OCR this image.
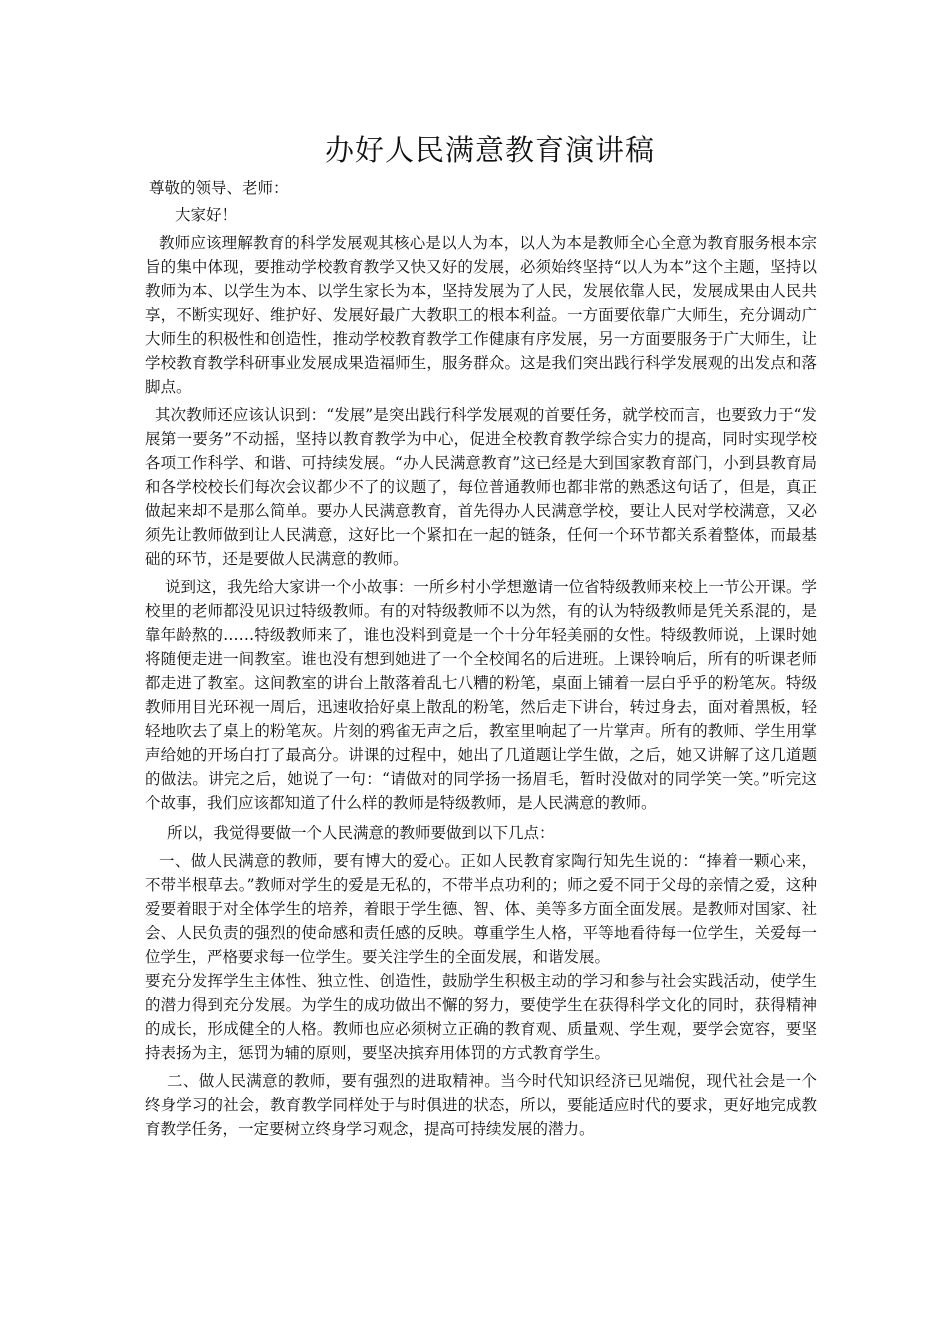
办好人民满意教育演讲稿

尊敬的领导、老师：

大家好！

教师应该理解教育的科学发展观其核心是以人为本，以人为本是教师全心全意为教育服务根本宗旨的集中体现，要推动学校教育教学又快又好的发展，必须始终坚持“以人为本”这个主题，坚持以教师为本、以学生为本、以学生家长为本，坚持发展为了人民，发展依靠人民，发展成果由人民共享，不断实现好、维护好、发展好最广大教职工的根本利益。一方面要依靠广大师生，充分调动广大师生的积极性和创造性，推动学校教育教学工作健康有序发展，另一方面要服务于广大师生，让学校教育教学科研事业发展成果造福师生，服务群众。这是我们突出践行科学发展观的出发点和落脚点。

其次教师还应该认识到：“发展”是突出践行科学发展观的首要任务，就学校而言，也要致力于“发展第一要务”不动摇，坚持以教育教学为中心，促进全校教育教学综合实力的提高，同时实现学校各项工作科学、和谐、可持续发展。“办人民满意教育”这已经是大到国家教育部门，小到县教育局和各学校校长们每次会议都少不了的议题了，每位普通教师也都非常的熟悉这句话了，但是，真正做起来却不是那么简单。要办人民满意教育，首先得办人民满意学校，要让人民对学校满意，又必须先让教师做到让人民满意，这好比一个紧扣在一起的链条，任何一个环节都关系着整体，而最基础的环节，还是要做人民满意的教师。

说到这，我先给大家讲一个小故事：一所乡村小学想邀请一位省特级教师来校上一节公开课。学校里的老师都没见识过特级教师。有的对特级教师不以为然，有的认为特级教师是凭关系混的，是靠年龄熬的……特级教师来了，谁也没料到竟是一个十分年轻美丽的女性。特级教师说，上课时她将随便走进一间教室。谁也没有想到她进了一个全校闻名的后进班。上课铃响后，所有的听课老师都走进了教室。这间教室的讲台上散落着乱七八糟的粉笔，桌面上铺着一层白乎乎的粉笔灰。特级教师用目光环视一周后，迅速收拾好桌上散乱的粉笔，然后走下讲台，转过身去，面对着黑板，轻轻地吹去了桌上的粉笔灰。片刻的鸦雀无声之后，教室里响起了一片掌声。所有的教师、学生用掌声给她的开场白打了最高分。讲课的过程中，她出了几道题让学生做，之后，她又讲解了这几道题的做法。讲完之后，她说了一句：“请做对的同学扬一扬眉毛，暂时没做对的同学笑一笑。”听完这个故事，我们应该都知道了什么样的教师是特级教师，是人民满意的教师。

所以，我觉得要做一个人民满意的教师要做到以下几点：

一、做人民满意的教师，要有博大的爱心。正如人民教育家陶行知先生说的：“捧着一颗心来，不带半根草去。”教师对学生的爱是无私的，不带半点功利的；师之爱不同于父母的亲情之爱，这种爱要着眼于对全体学生的培养，着眼于学生德、智、体、美等多方面全面发展。是教师对国家、社会、人民负责的强烈的使命感和责任感的反映。尊重学生人格，平等地看待每一位学生，关爱每一位学生，严格要求每一位学生。要关注学生的全面发展，和谐发展。

要充分发挥学生主体性、独立性、创造性，鼓励学生积极主动的学习和参与社会实践活动，使学生的潜力得到充分发展。为学生的成功做出不懈的努力，要使学生在获得科学文化的同时，获得精神的成长，形成健全的人格。教师也应必须树立正确的教育观、质量观、学生观，要学会宽容，要坚持表扬为主，惩罚为辅的原则，要坚决摈弃用体罚的方式教育学生。

二、做人民满意的教师，要有强烈的进取精神。当今时代知识经济已见端倪，现代社会是一个终身学习的社会，教育教学同样处于与时俱进的状态，所以，要能适应时代的要求，更好地完成教育教学任务，一定要树立终身学习观念，提高可持续发展的潜力。
